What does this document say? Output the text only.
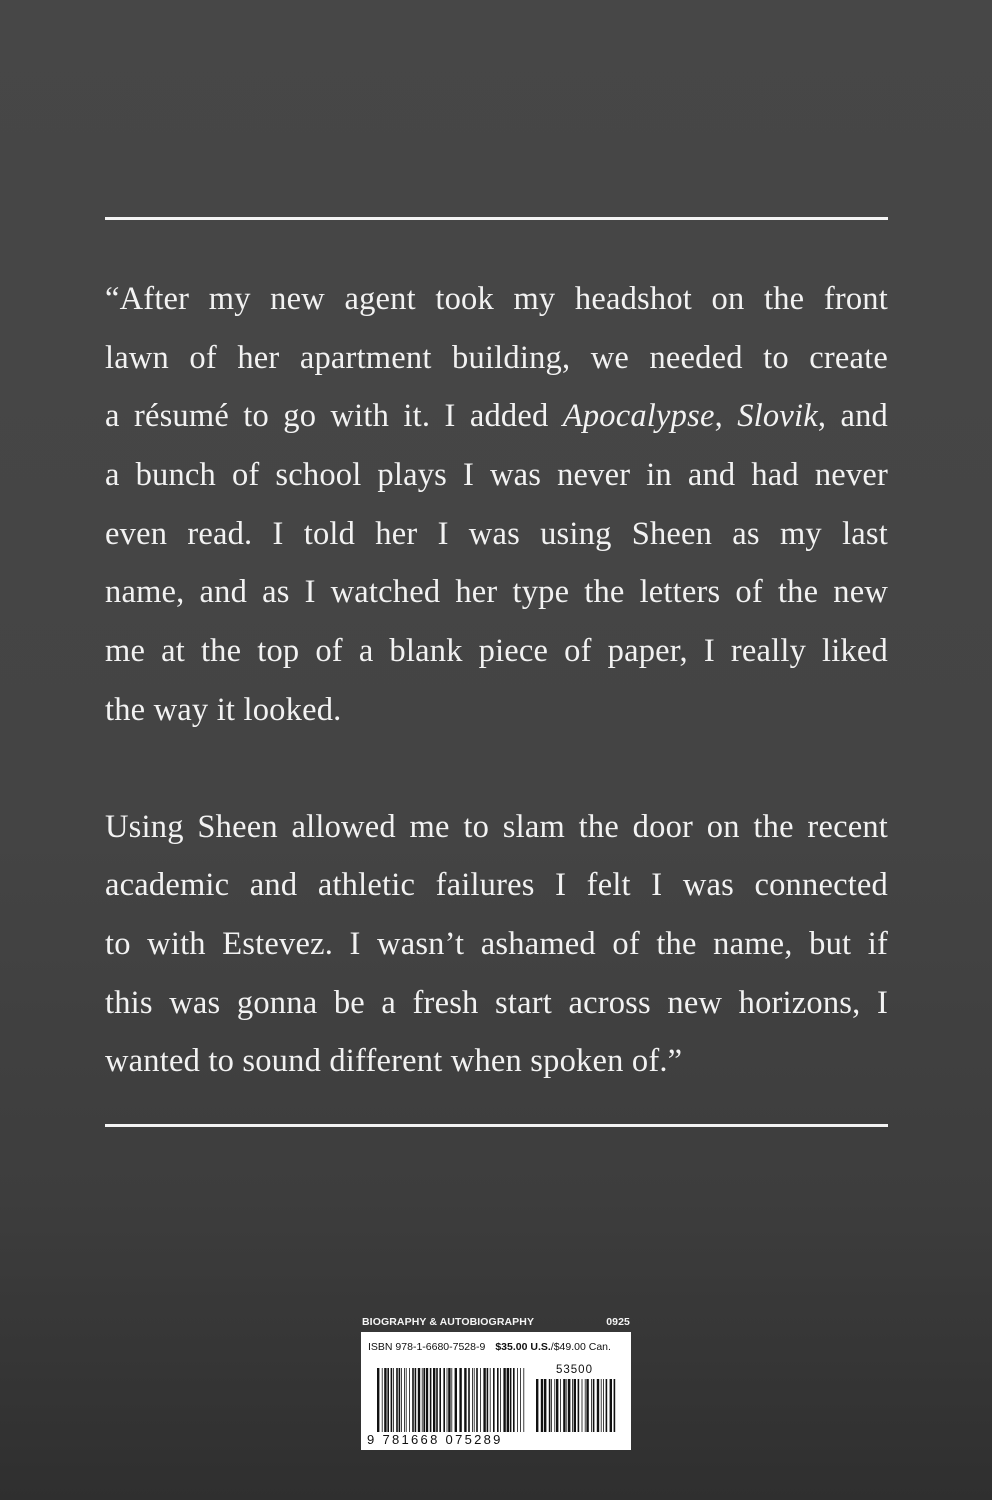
“After my new agent took my headshot on the front
lawn of her apartment building, we needed to create
a résumé to go with it. I added Apocalypse, Slovik, and
a bunch of school plays I was never in and had never
even read. I told her I was using Sheen as my last
name, and as I watched her type the letters of the new
me at the top of a blank piece of paper, I really liked
the way it looked.

Using Sheen allowed me to slam the door on the recent
academic and athletic failures I felt I was connected
to with Estevez. I wasn’t ashamed of the name, but if
this was gonna be a fresh start across new horizons, I
wanted to sound different when spoken of.”

BIOGRAPHY & AUTOBIOGRAPHY	0925
ISBN 978-1-6680-7528-9 $35.00 U.S./$49.00 Can.
53500
9 781668 075289
